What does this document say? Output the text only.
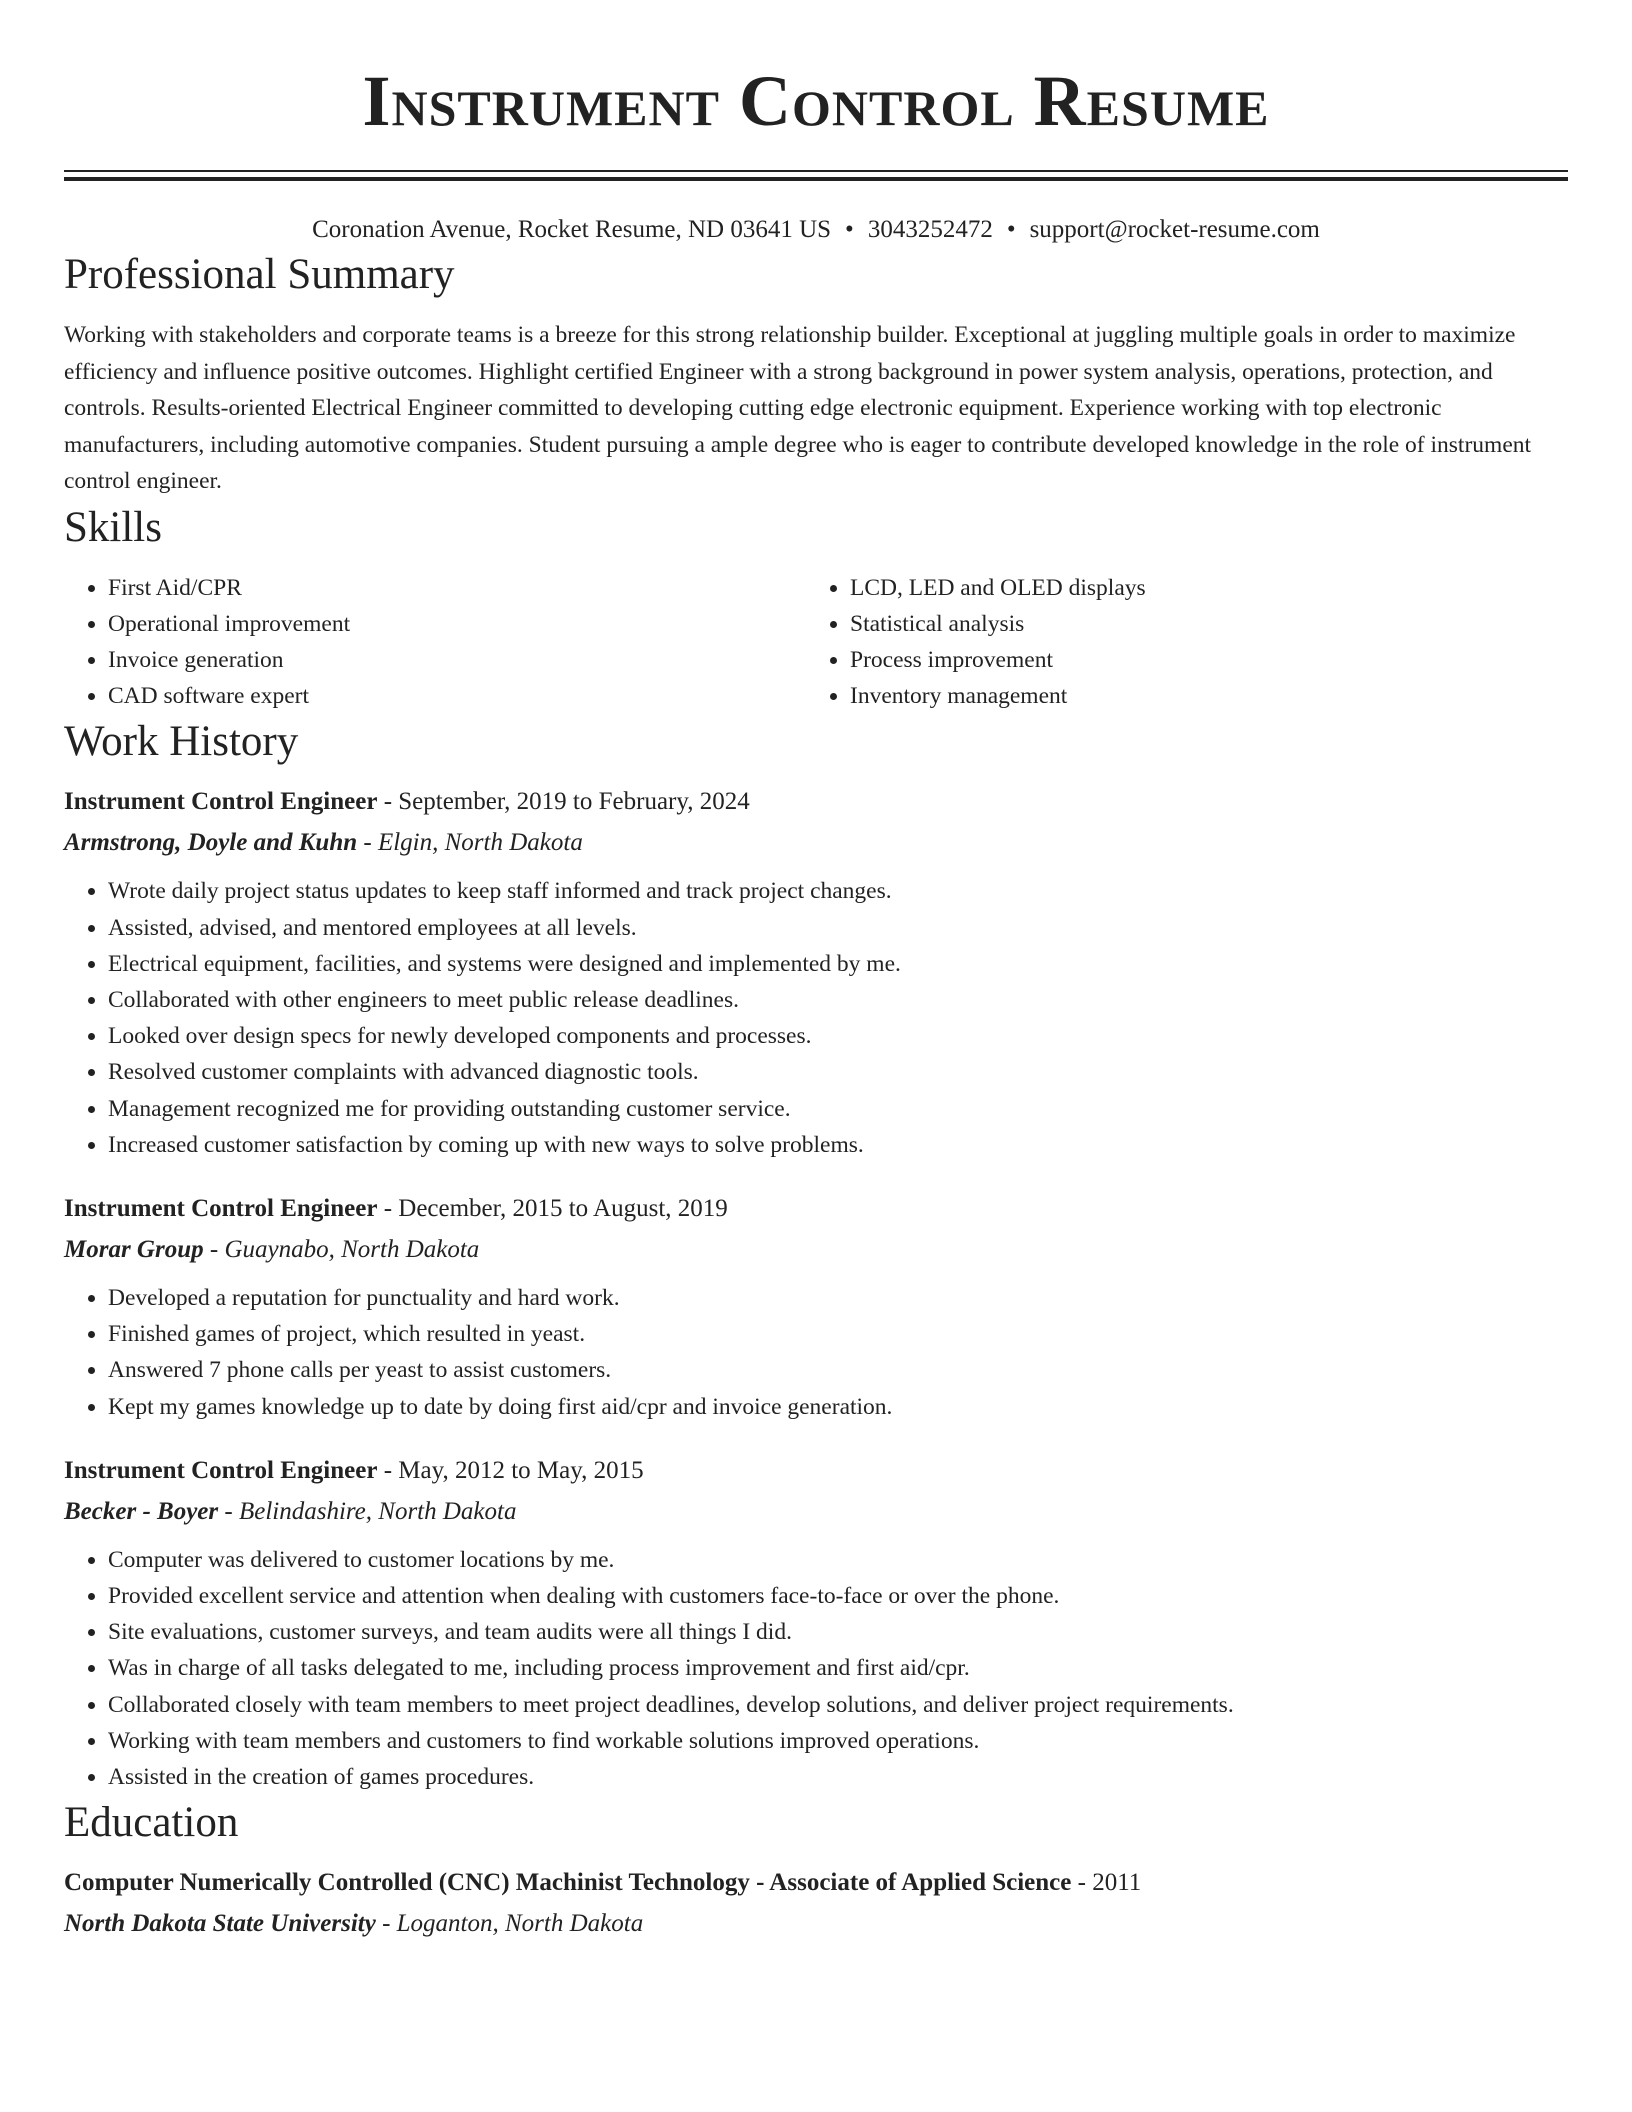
Instrument Control Resume
Coronation Avenue, Rocket Resume, ND 03641 US • 3043252472 • support@rocket-resume.com
Professional Summary
Working with stakeholders and corporate teams is a breeze for this strong relationship builder. Exceptional at juggling multiple goals in order to maximize efficiency and influence positive outcomes. Highlight certified Engineer with a strong background in power system analysis, operations, protection, and controls. Results-oriented Electrical Engineer committed to developing cutting edge electronic equipment. Experience working with top electronic manufacturers, including automotive companies. Student pursuing a ample degree who is eager to contribute developed knowledge in the role of instrument control engineer.
Skills
• First Aid/CPR
• Operational improvement
• Invoice generation
• CAD software expert
• LCD, LED and OLED displays
• Statistical analysis
• Process improvement
• Inventory management
Work History
Instrument Control Engineer - September, 2019 to February, 2024
Armstrong, Doyle and Kuhn - Elgin, North Dakota
• Wrote daily project status updates to keep staff informed and track project changes.
• Assisted, advised, and mentored employees at all levels.
• Electrical equipment, facilities, and systems were designed and implemented by me.
• Collaborated with other engineers to meet public release deadlines.
• Looked over design specs for newly developed components and processes.
• Resolved customer complaints with advanced diagnostic tools.
• Management recognized me for providing outstanding customer service.
• Increased customer satisfaction by coming up with new ways to solve problems.
Instrument Control Engineer - December, 2015 to August, 2019
Morar Group - Guaynabo, North Dakota
• Developed a reputation for punctuality and hard work.
• Finished games of project, which resulted in yeast.
• Answered 7 phone calls per yeast to assist customers.
• Kept my games knowledge up to date by doing first aid/cpr and invoice generation.
Instrument Control Engineer - May, 2012 to May, 2015
Becker - Boyer - Belindashire, North Dakota
• Computer was delivered to customer locations by me.
• Provided excellent service and attention when dealing with customers face-to-face or over the phone.
• Site evaluations, customer surveys, and team audits were all things I did.
• Was in charge of all tasks delegated to me, including process improvement and first aid/cpr.
• Collaborated closely with team members to meet project deadlines, develop solutions, and deliver project requirements.
• Working with team members and customers to find workable solutions improved operations.
• Assisted in the creation of games procedures.
Education
Computer Numerically Controlled (CNC) Machinist Technology - Associate of Applied Science - 2011
North Dakota State University - Loganton, North Dakota
